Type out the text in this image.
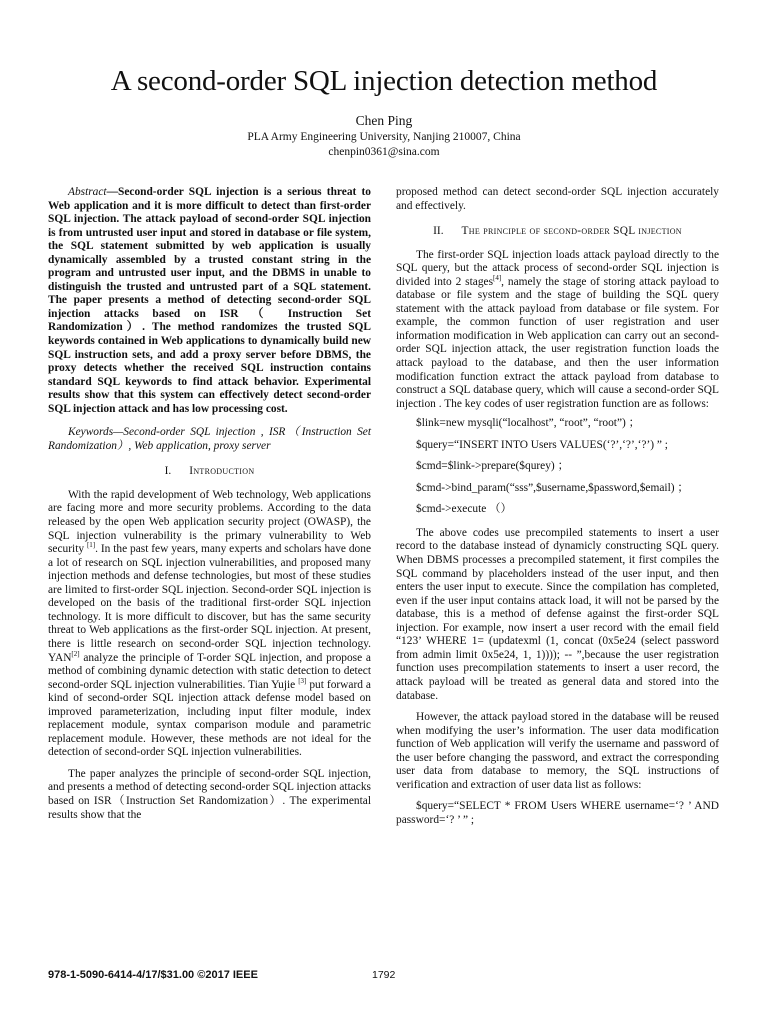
A second-order SQL injection detection method
Chen Ping
PLA Army Engineering University, Nanjing 210007, China
chenpin0361@sina.com

Abstract—Second-order SQL injection is a serious threat to Web application and it is more difficult to detect than first-order SQL injection. The attack payload of second-order SQL injection is from untrusted user input and stored in database or file system, the SQL statement submitted by web application is usually dynamically assembled by a trusted constant string in the program and untrusted user input, and the DBMS in unable to distinguish the trusted and untrusted part of a SQL statement. The paper presents a method of detecting second-order SQL injection attacks based on ISR （ Instruction Set Randomization）. The method randomizes the trusted SQL keywords contained in Web applications to dynamically build new SQL instruction sets, and add a proxy server before DBMS, the proxy detects whether the received SQL instruction contains standard SQL keywords to find attack behavior. Experimental results show that this system can effectively detect second-order SQL injection attack and has low processing cost.

Keywords—Second-order SQL injection , ISR（Instruction Set Randomization）, Web application, proxy server

I. Introduction

With the rapid development of Web technology, Web applications are facing more and more security problems. According to the data released by the open Web application security project (OWASP), the SQL injection vulnerability is the primary vulnerability to Web security [1]. In the past few years, many experts and scholars have done a lot of research on SQL injection vulnerabilities, and proposed many injection methods and defense technologies, but most of these studies are limited to first-order SQL injection. Second-order SQL injection is developed on the basis of the traditional first-order SQL injection technology. It is more difficult to discover, but has the same security threat to Web applications as the first-order SQL injection. At present, there is little research on second-order SQL injection technology. YAN[2] analyze the principle of T-order SQL injection, and propose a method of combining dynamic detection with static detection to detect second-order SQL injection vulnerabilities. Tian Yujie [3] put forward a kind of second-order SQL injection attack defense model based on improved parameterization, including input filter module, index replacement module, syntax comparison module and parametric replacement module. However, these methods are not ideal for the detection of second-order SQL injection vulnerabilities.

The paper analyzes the principle of second-order SQL injection, and presents a method of detecting second-order SQL injection attacks based on ISR（Instruction Set Randomization）. The experimental results show that the

proposed method can detect second-order SQL injection accurately and effectively.

II. The principle of second-order SQL injection

The first-order SQL injection loads attack payload directly to the SQL query, but the attack process of second-order SQL injection is divided into 2 stages[4], namely the stage of storing attack payload to database or file system and the stage of building the SQL query statement with the attack payload from database or file system. For example, the common function of user registration and user information modification in Web application can carry out an second-order SQL injection attack, the user registration function loads the attack payload to the database, and then the user information modification function extract the attack payload from database to construct a SQL database query, which will cause a second-order SQL injection . The key codes of user registration function are as follows:

$link=new mysqli(“localhost”, “root”, “root”) ；

$query=“INSERT INTO Users VALUES(‘?’,‘?’,‘?’) ” ;

$cmd=$link->prepare($qurey) ；

$cmd->bind_param(“sss”,$username,$password,$email) ；

$cmd->execute （）

The above codes use precompiled statements to insert a user record to the database instead of dynamicly constructing SQL query. When DBMS processes a precompiled statement, it first compiles the SQL command by placeholders instead of the user input, and then enters the user input to execute. Since the compilation has completed, even if the user input contains attack load, it will not be parsed by the database, this is a method of defense against the first-order SQL injection. For example, now insert a user record with the email field “123’ WHERE 1= (updatexml (1, concat (0x5e24 (select password from admin limit 0x5e24, 1, 1)))); -- ”,because the user registration function uses precompilation statements to insert a user record, the attack payload will be treated as general data and stored into the database.

However, the attack payload stored in the database will be reused when modifying the user’s information. The user data modification function of Web application will verify the username and password of the user before changing the password, and extract the corresponding user data from database to memory, the SQL instructions of verification and extraction of user data list as follows:

$query=“SELECT * FROM Users WHERE username=‘? ’ AND password=‘? ’ ” ;

978-1-5090-6414-4/17/$31.00 ©2017 IEEE	1792
